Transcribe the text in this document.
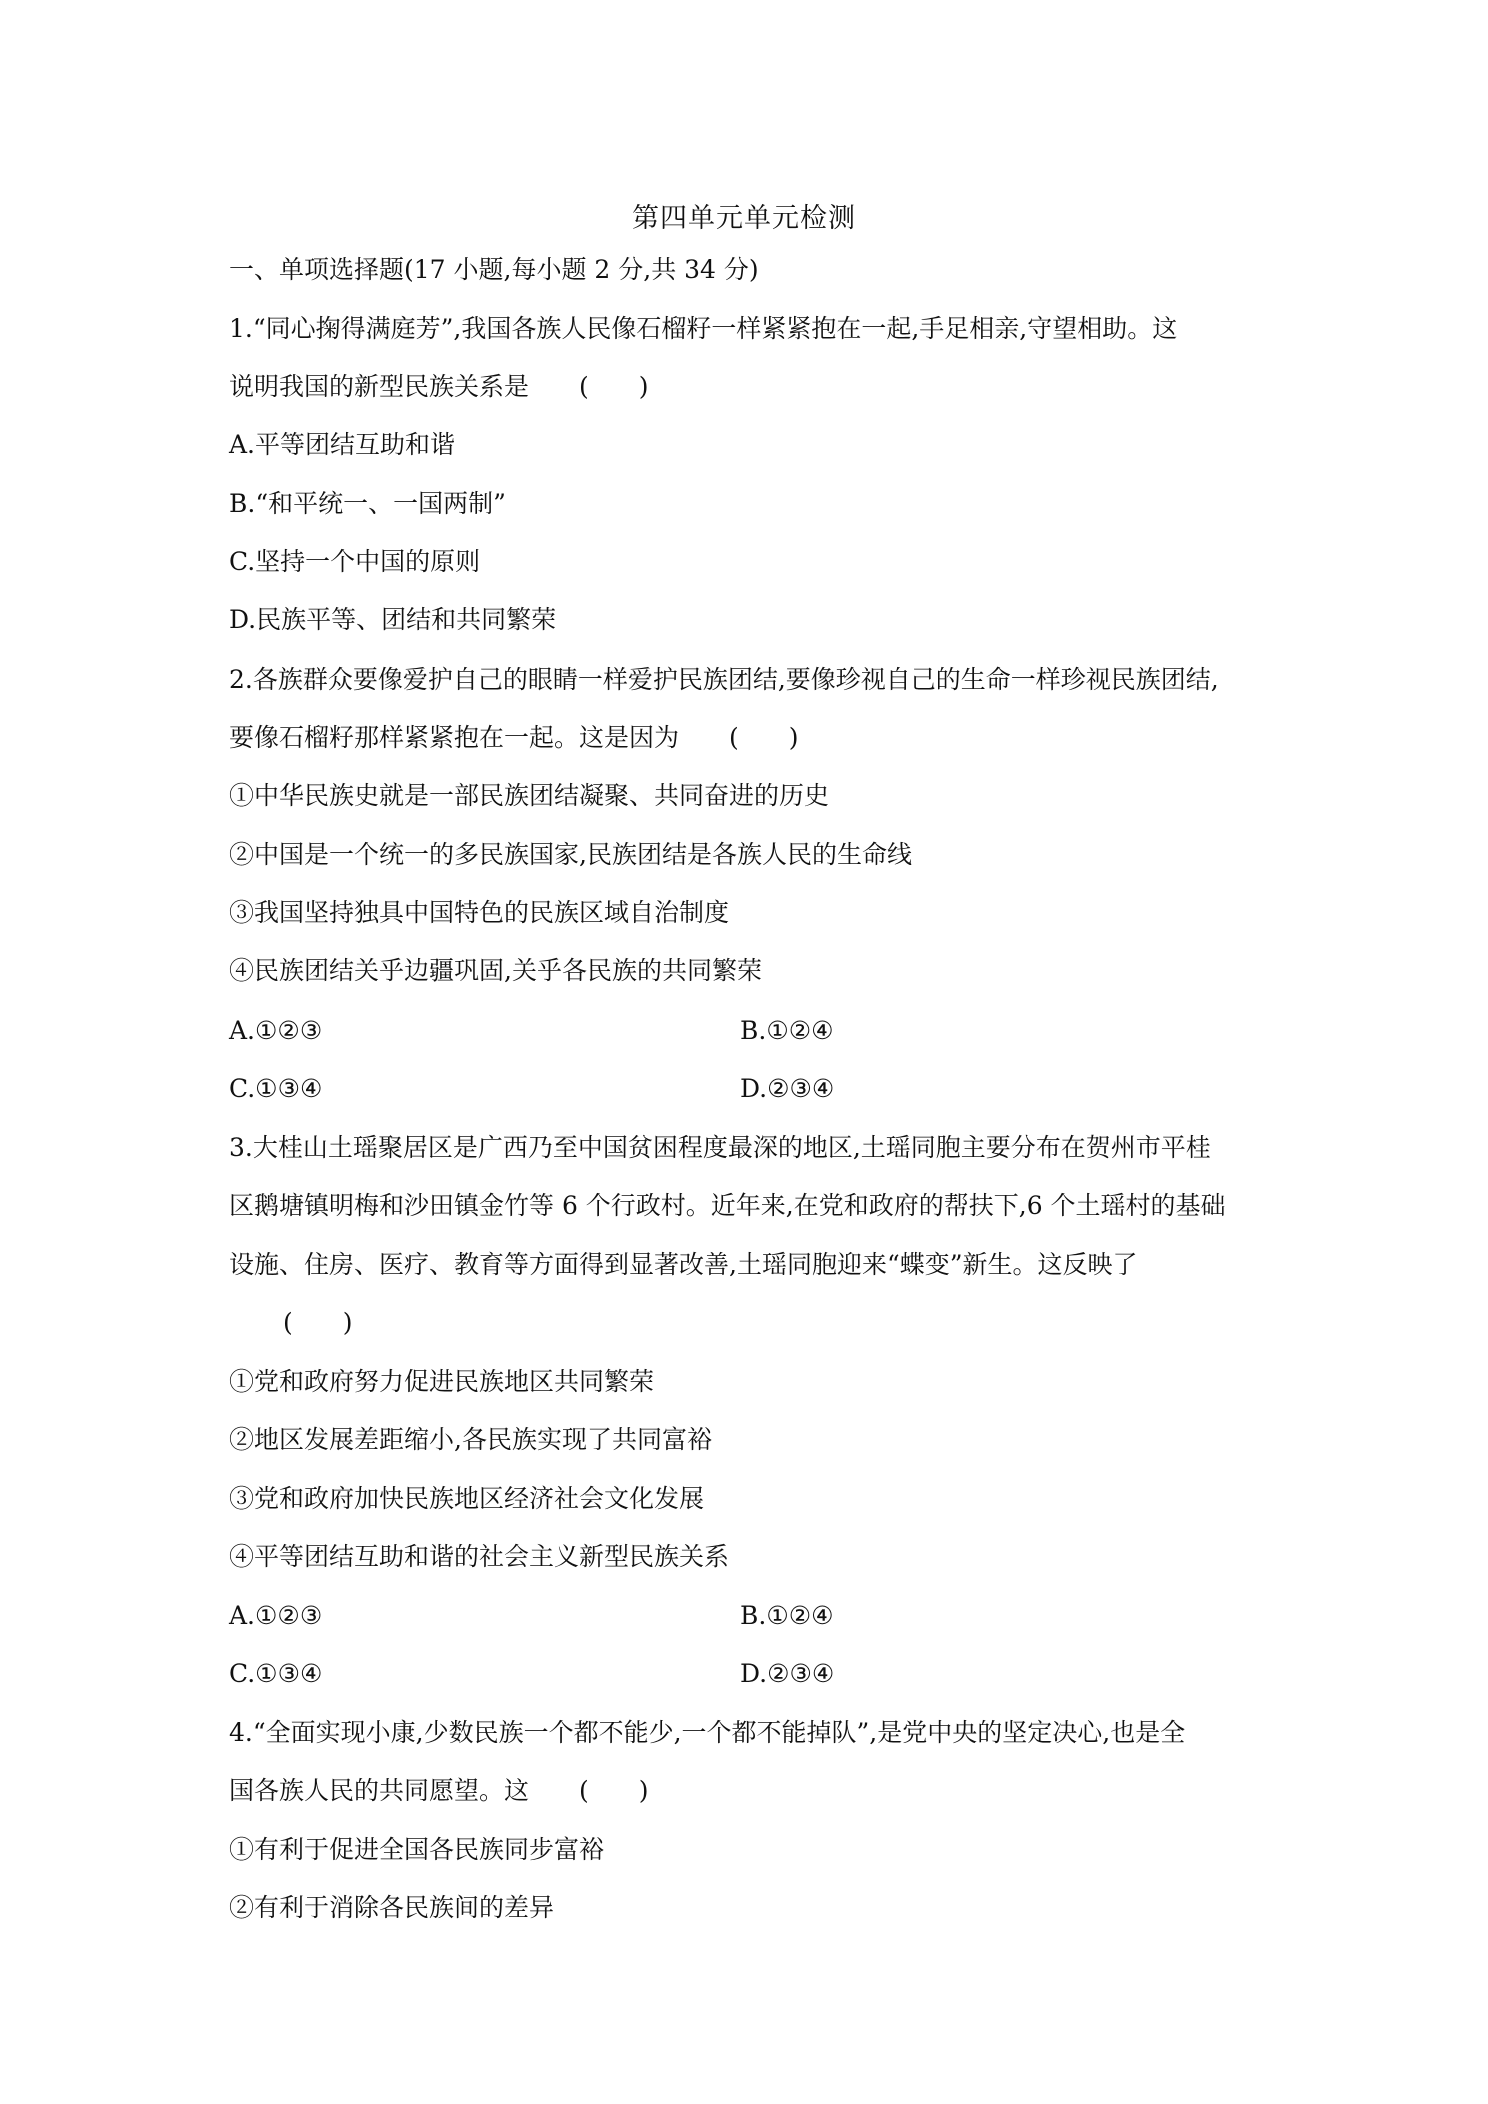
第四单元单元检测
一、单项选择题(17 小题,每小题 2 分,共 34 分)
1.“同心掬得满庭芳”,我国各族人民像石榴籽一样紧紧抱在一起,手足相亲,守望相助。这
说明我国的新型民族关系是　　(　　)
A.平等团结互助和谐
B.“和平统一、一国两制”
C.坚持一个中国的原则
D.民族平等、团结和共同繁荣
2.各族群众要像爱护自己的眼睛一样爱护民族团结,要像珍视自己的生命一样珍视民族团结,
要像石榴籽那样紧紧抱在一起。这是因为　　(　　)
①中华民族史就是一部民族团结凝聚、共同奋进的历史
②中国是一个统一的多民族国家,民族团结是各族人民的生命线
③我国坚持独具中国特色的民族区域自治制度
④民族团结关乎边疆巩固,关乎各民族的共同繁荣
A.①②③	B.①②④
C.①③④	D.②③④
3.大桂山土瑶聚居区是广西乃至中国贫困程度最深的地区,土瑶同胞主要分布在贺州市平桂
区鹅塘镇明梅和沙田镇金竹等 6 个行政村。近年来,在党和政府的帮扶下,6 个土瑶村的基础
设施、住房、医疗、教育等方面得到显著改善,土瑶同胞迎来“蝶变”新生。这反映了
(　　)
①党和政府努力促进民族地区共同繁荣
②地区发展差距缩小,各民族实现了共同富裕
③党和政府加快民族地区经济社会文化发展
④平等团结互助和谐的社会主义新型民族关系
A.①②③	B.①②④
C.①③④	D.②③④
4.“全面实现小康,少数民族一个都不能少,一个都不能掉队”,是党中央的坚定决心,也是全
国各族人民的共同愿望。这　　(　　)
①有利于促进全国各民族同步富裕
②有利于消除各民族间的差异
